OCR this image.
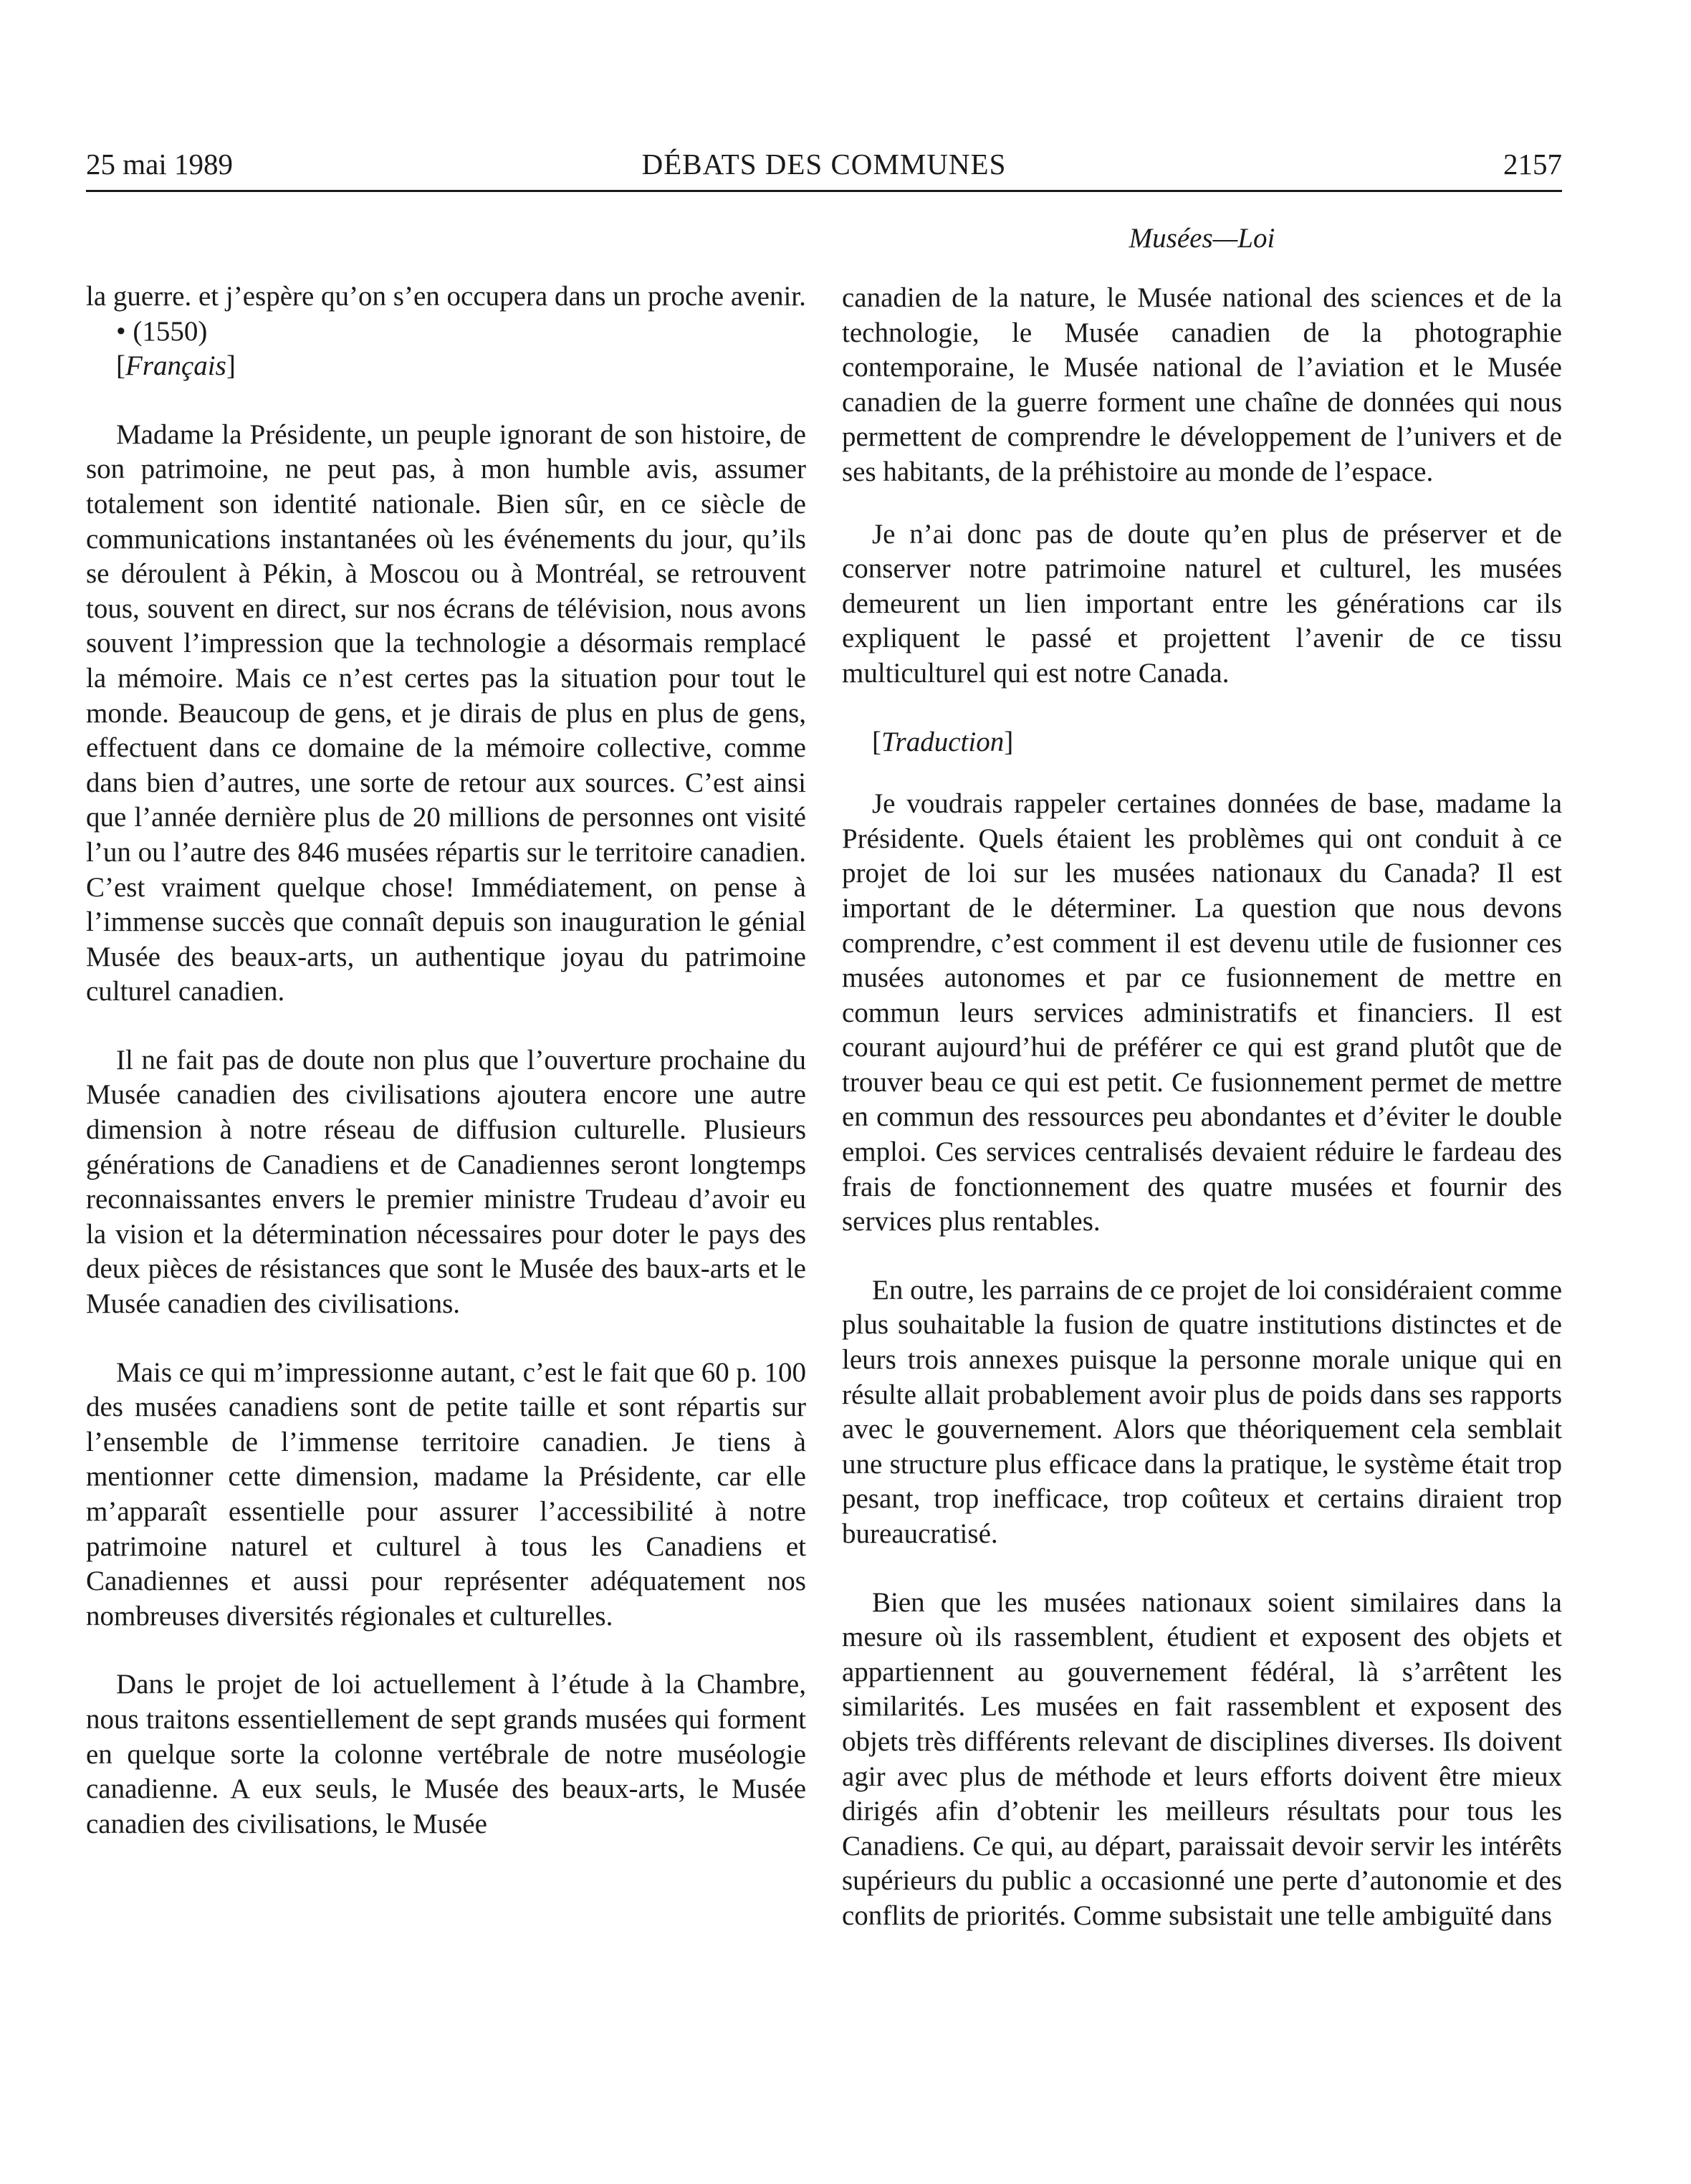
25 mai 1989	DÉBATS DES COMMUNES	2157
Musées—Loi

la guerre. et j’espère qu’on s’en occupera dans un proche avenir.

• (1550)

[Français]

Madame la Présidente, un peuple ignorant de son histoire, de son patrimoine, ne peut pas, à mon humble avis, assumer totalement son identité nationale. Bien sûr, en ce siècle de communications instantanées où les événements du jour, qu’ils se déroulent à Pékin, à Moscou ou à Montréal, se retrouvent tous, souvent en direct, sur nos écrans de télévision, nous avons souvent l’impression que la technologie a désormais remplacé la mémoire. Mais ce n’est certes pas la situation pour tout le monde. Beaucoup de gens, et je dirais de plus en plus de gens, effectuent dans ce domaine de la mémoire collective, comme dans bien d’autres, une sorte de retour aux sources. C’est ainsi que l’année dernière plus de 20 millions de personnes ont visité l’un ou l’autre des 846 musées répartis sur le territoire canadien. C’est vraiment quelque chose! Immédiatement, on pense à l’immense succès que connaît depuis son inauguration le génial Musée des beaux-arts, un authentique joyau du patrimoine culturel canadien.

Il ne fait pas de doute non plus que l’ouverture prochaine du Musée canadien des civilisations ajoutera encore une autre dimension à notre réseau de diffusion culturelle. Plusieurs générations de Canadiens et de Canadiennes seront longtemps reconnaissantes envers le premier ministre Trudeau d’avoir eu la vision et la détermination nécessaires pour doter le pays des deux pièces de résistances que sont le Musée des baux-arts et le Musée canadien des civilisations.

Mais ce qui m’impressionne autant, c’est le fait que 60 p. 100 des musées canadiens sont de petite taille et sont répartis sur l’ensemble de l’immense territoire canadien. Je tiens à mentionner cette dimension, madame la Présidente, car elle m’apparaît essentielle pour assurer l’accessibilité à notre patrimoine naturel et culturel à tous les Canadiens et Canadiennes et aussi pour représenter adéquatement nos nombreuses diversités régionales et culturelles.

Dans le projet de loi actuellement à l’étude à la Chambre, nous traitons essentiellement de sept grands musées qui forment en quelque sorte la colonne vertébrale de notre muséologie canadienne. A eux seuls, le Musée des beaux-arts, le Musée canadien des civilisations, le Musée

canadien de la nature, le Musée national des sciences et de la technologie, le Musée canadien de la photographie contemporaine, le Musée national de l’aviation et le Musée canadien de la guerre forment une chaîne de données qui nous permettent de comprendre le développement de l’univers et de ses habitants, de la préhistoire au monde de l’espace.

Je n’ai donc pas de doute qu’en plus de préserver et de conserver notre patrimoine naturel et culturel, les musées demeurent un lien important entre les générations car ils expliquent le passé et projettent l’avenir de ce tissu multiculturel qui est notre Canada.

[Traduction]

Je voudrais rappeler certaines données de base, madame la Présidente. Quels étaient les problèmes qui ont conduit à ce projet de loi sur les musées nationaux du Canada? Il est important de le déterminer. La question que nous devons comprendre, c’est comment il est devenu utile de fusionner ces musées autonomes et par ce fusionnement de mettre en commun leurs services administratifs et financiers. Il est courant aujourd’hui de préférer ce qui est grand plutôt que de trouver beau ce qui est petit. Ce fusionnement permet de mettre en commun des ressources peu abondantes et d’éviter le double emploi. Ces services centralisés devaient réduire le fardeau des frais de fonctionnement des quatre musées et fournir des services plus rentables.

En outre, les parrains de ce projet de loi considéraient comme plus souhaitable la fusion de quatre institutions distinctes et de leurs trois annexes puisque la personne morale unique qui en résulte allait probablement avoir plus de poids dans ses rapports avec le gouvernement. Alors que théoriquement cela semblait une structure plus efficace dans la pratique, le système était trop pesant, trop inefficace, trop coûteux et certains diraient trop bureaucratisé.

Bien que les musées nationaux soient similaires dans la mesure où ils rassemblent, étudient et exposent des objets et appartiennent au gouvernement fédéral, là s’arrêtent les similarités. Les musées en fait rassemblent et exposent des objets très différents relevant de disciplines diverses. Ils doivent agir avec plus de méthode et leurs efforts doivent être mieux dirigés afin d’obtenir les meilleurs résultats pour tous les Canadiens. Ce qui, au départ, paraissait devoir servir les intérêts supérieurs du public a occasionné une perte d’autonomie et des conflits de priorités. Comme subsistait une telle ambiguïté dans
